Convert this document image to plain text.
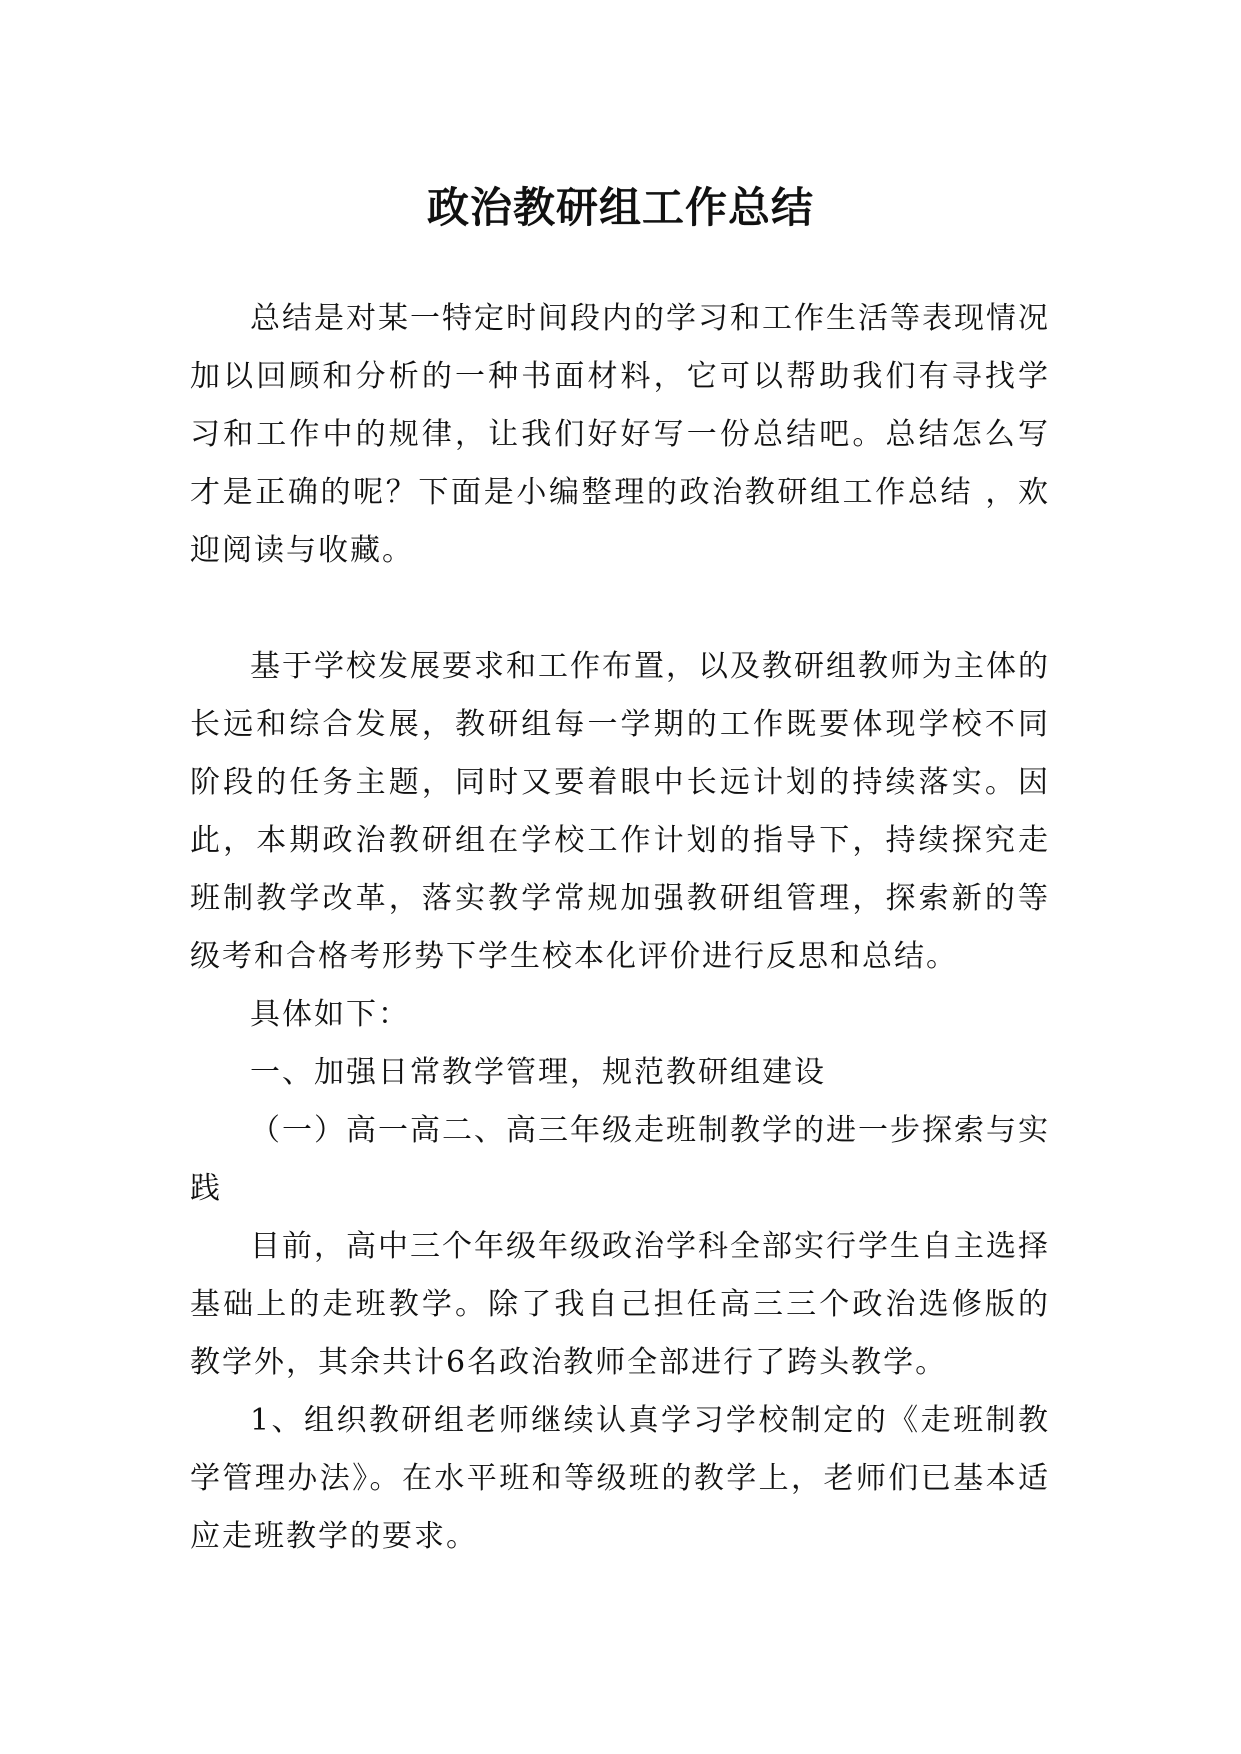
政治教研组工作总结

总结是对某一特定时间段内的学习和工作生活等表现情况加以回顾和分析的一种书面材料，它可以帮助我们有寻找学习和工作中的规律，让我们好好写一份总结吧。总结怎么写才是正确的呢？下面是小编整理的政治教研组工作总结 ，欢迎阅读与收藏。

基于学校发展要求和工作布置，以及教研组教师为主体的长远和综合发展，教研组每一学期的工作既要体现学校不同阶段的任务主题，同时又要着眼中长远计划的持续落实。因此，本期政治教研组在学校工作计划的指导下，持续探究走班制教学改革，落实教学常规加强教研组管理，探索新的等级考和合格考形势下学生校本化评价进行反思和总结。

具体如下：

一、加强日常教学管理，规范教研组建设

（一）高一高二、高三年级走班制教学的进一步探索与实践

目前，高中三个年级年级政治学科全部实行学生自主选择基础上的走班教学。除了我自己担任高三三个政治选修版的教学外，其余共计6名政治教师全部进行了跨头教学。

1、组织教研组老师继续认真学习学校制定的《走班制教学管理办法》。在水平班和等级班的教学上，老师们已基本适应走班教学的要求。
